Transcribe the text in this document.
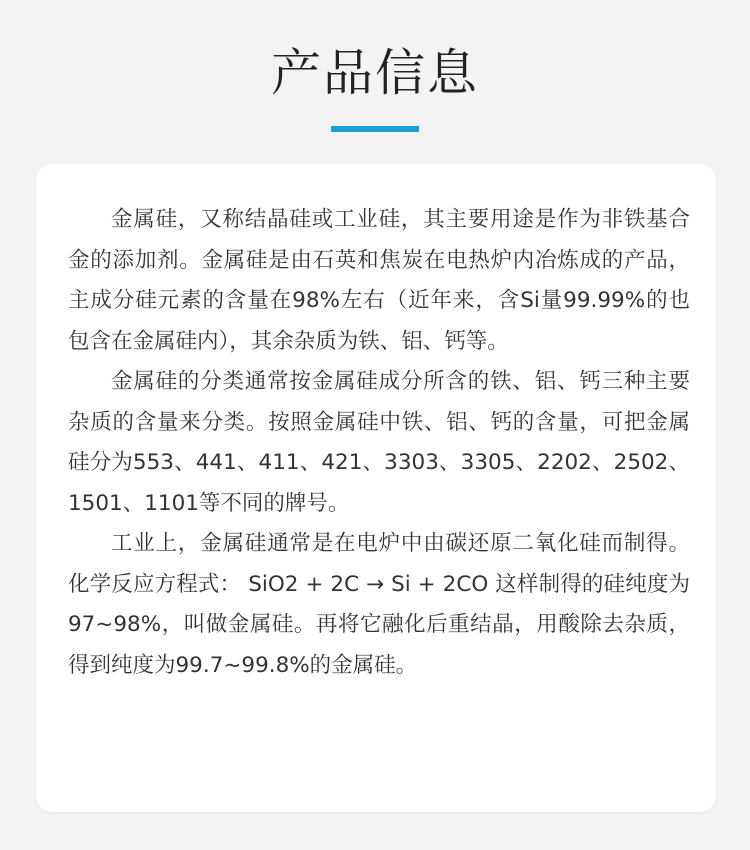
产品信息

金属硅，又称结晶硅或工业硅，其主要用途是作为非铁基合金的添加剂。金属硅是由石英和焦炭在电热炉内冶炼成的产品，主成分硅元素的含量在98%左右（近年来，含Si量99.99%的也包含在金属硅内），其余杂质为铁、铝、钙等。

金属硅的分类通常按金属硅成分所含的铁、铝、钙三种主要杂质的含量来分类。按照金属硅中铁、铝、钙的含量，可把金属硅分为553、441、411、421、3303、3305、2202、2502、1501、1101等不同的牌号。

工业上，金属硅通常是在电炉中由碳还原二氧化硅而制得。 化学反应方程式： SiO2 + 2C → Si + 2CO 这样制得的硅纯度为97~98%，叫做金属硅。再将它融化后重结晶，用酸除去杂质，得到纯度为99.7~99.8%的金属硅。
